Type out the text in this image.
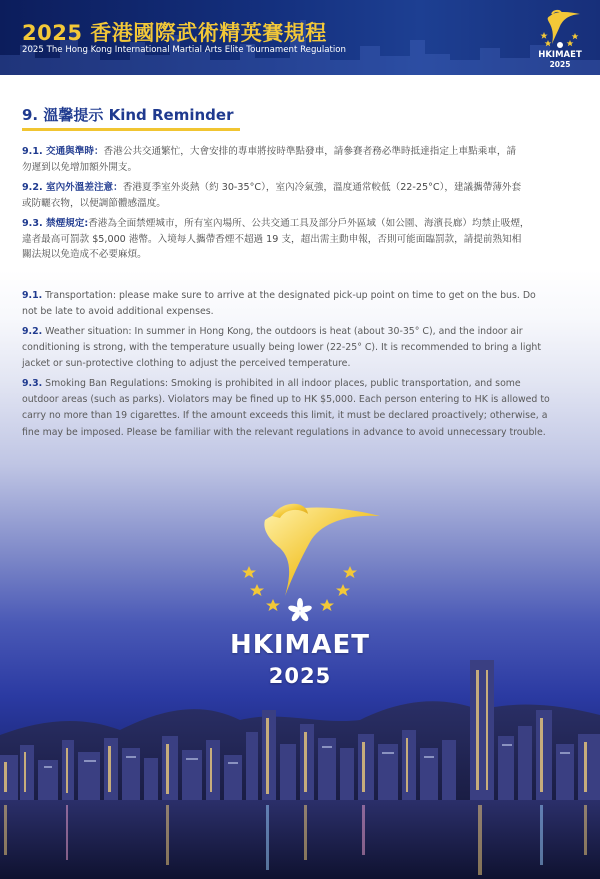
2025 香港國際武術精英賽規程
2025 The Hong Kong International Martial Arts Elite Tournament Regulation	HKIMAET
2025
9. 溫馨提示 Kind Reminder
9.1. 交通與準時：香港公共交通繁忙，大會安排的專車將按時準點發車，請參賽者務必準時抵達指定上車點乘車，請
勿遲到以免增加額外開支。
9.2. 室內外溫差注意：香港夏季室外炎熱（約 30-35°C），室內冷氣強，溫度通常較低（22-25°C），建議攜帶薄外套
或防曬衣物，以便調節體感溫度。
9.3. 禁煙規定:香港為全面禁煙城市，所有室內場所、公共交通工具及部分戶外區域（如公園、海濱長廊）均禁止吸煙，
違者最高可罰款 $5,000 港幣。入境每人攜帶香煙不超過 19 支，超出需主動申報，否則可能面臨罰款，請提前熟知相
關法規以免造成不必要麻煩。
9.1. Transportation: please make sure to arrive at the designated pick-up point on time to get on the bus. Do
not be late to avoid additional expenses.
9.2. Weather situation: In summer in Hong Kong, the outdoors is heat (about 30-35° C), and the indoor air
conditioning is strong, with the temperature usually being lower (22-25° C). It is recommended to bring a light
jacket or sun-protective clothing to adjust the perceived temperature.
9.3. Smoking Ban Regulations: Smoking is prohibited in all indoor places, public transportation, and some
outdoor areas (such as parks). Violators may be fined up to HK $5,000. Each person entering to HK is allowed to
carry no more than 19 cigarettes. If the amount exceeds this limit, it must be declared proactively; otherwise, a
fine may be imposed. Please be familiar with the relevant regulations in advance to avoid unnecessary trouble.
HKIMAET
2025
